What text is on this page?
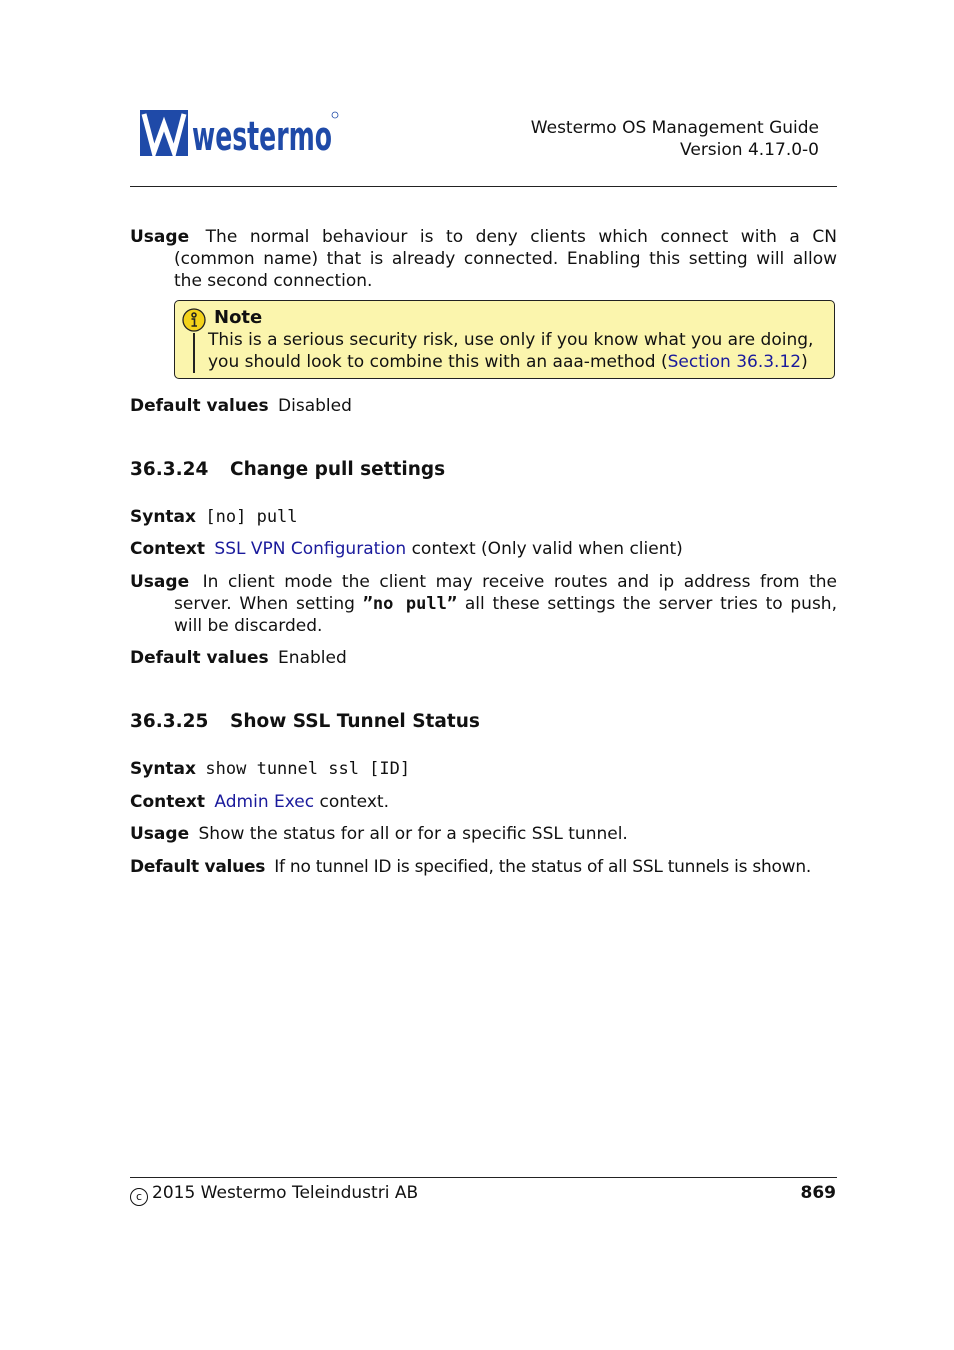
westermo	Westermo OS Management Guide
Version 4.17.0-0
Usage The normal behaviour is to deny clients which connect with a CN (common name) that is already connected. Enabling this setting will allow the second connection.
Note
This is a serious security risk, use only if you know what you are doing, you should look to combine this with an aaa-method (Section 36.3.12)
Default values Disabled
36.3.24 Change pull settings
Syntax [no] pull
Context SSL VPN Configuration context (Only valid when client)
Usage In client mode the client may receive routes and ip address from the server. When setting ”no pull” all these settings the server tries to push, will be discarded.
Default values Enabled
36.3.25 Show SSL Tunnel Status
Syntax show tunnel ssl [ID]
Context Admin Exec context.
Usage Show the status for all or for a specific SSL tunnel.
Default values If no tunnel ID is specified, the status of all SSL tunnels is shown.
c 2015 Westermo Teleindustri AB	869
